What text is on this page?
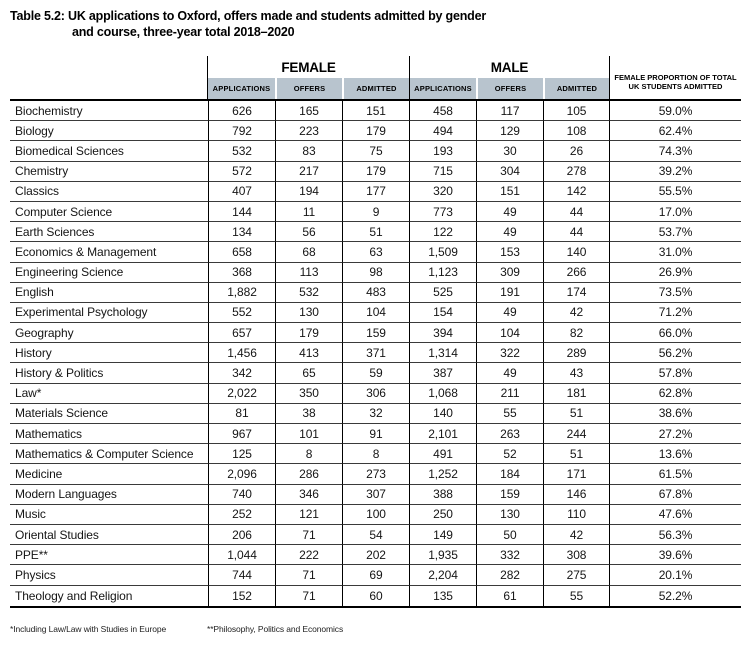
Table 5.2: UK applications to Oxford, offers made and students admitted by gender
and course, three-year total 2018–2020
FEMALE	MALE
FEMALE PROPORTION OF TOTAL
UK STUDENTS ADMITTED
APPLICATIONS	OFFERS	ADMITTED	APPLICATIONS	OFFERS	ADMITTED
Biochemistry	626	165	151	458	117	105	59.0%
Biology	792	223	179	494	129	108	62.4%
Biomedical Sciences	532	83	75	193	30	26	74.3%
Chemistry	572	217	179	715	304	278	39.2%
Classics	407	194	177	320	151	142	55.5%
Computer Science	144	11	9	773	49	44	17.0%
Earth Sciences	134	56	51	122	49	44	53.7%
Economics & Management	658	68	63	1,509	153	140	31.0%
Engineering Science	368	113	98	1,123	309	266	26.9%
English	1,882	532	483	525	191	174	73.5%
Experimental Psychology	552	130	104	154	49	42	71.2%
Geography	657	179	159	394	104	82	66.0%
History	1,456	413	371	1,314	322	289	56.2%
History & Politics	342	65	59	387	49	43	57.8%
Law*	2,022	350	306	1,068	211	181	62.8%
Materials Science	81	38	32	140	55	51	38.6%
Mathematics	967	101	91	2,101	263	244	27.2%
Mathematics & Computer Science	125	8	8	491	52	51	13.6%
Medicine	2,096	286	273	1,252	184	171	61.5%
Modern Languages	740	346	307	388	159	146	67.8%
Music	252	121	100	250	130	110	47.6%
Oriental Studies	206	71	54	149	50	42	56.3%
PPE**	1,044	222	202	1,935	332	308	39.6%
Physics	744	71	69	2,204	282	275	20.1%
Theology and Religion	152	71	60	135	61	55	52.2%
*Including Law/Law with Studies in Europe	**Philosophy, Politics and Economics
